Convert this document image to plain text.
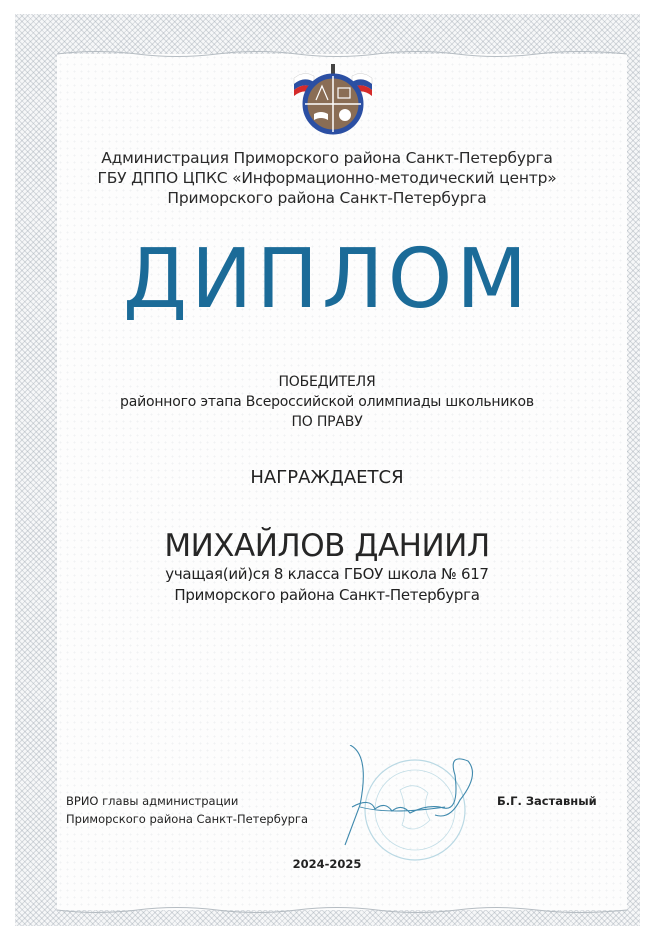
Администрация Приморского района Санкт-Петербурга
ГБУ ДППО ЦПКС «Информационно-методический центр»
Приморского района Санкт-Петербурга
ДИПЛОМ
ПОБЕДИТЕЛЯ
районного этапа Всероссийской олимпиады школьников
ПО ПРАВУ
НАГРАЖДАЕТСЯ
МИХАЙЛОВ ДАНИИЛ
учащая(ий)ся 8 класса ГБОУ школа № 617
Приморского района Санкт-Петербурга
ВРИО главы администрации
Приморского района Санкт-Петербурга
Б.Г. Заставный
2024-2025
